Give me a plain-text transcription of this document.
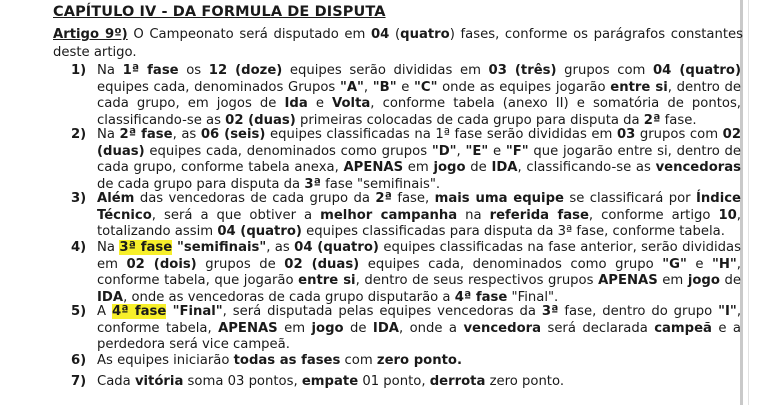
CAPÍTULO IV - DA FORMULA DE DISPUTA
Artigo 9º) O Campeonato será disputado em 04 (quatro) fases, conforme os parágrafos constantes deste artigo.
1) Na 1ª fase os 12 (doze) equipes serão divididas em 03 (três) grupos com 04 (quatro) equipes cada, denominados Grupos "A", "B" e "C" onde as equipes jogarão entre si, dentro de cada grupo, em jogos de Ida e Volta, conforme tabela (anexo II) e somatória de pontos, classificando-se as 02 (duas) primeiras colocadas de cada grupo para disputa da 2ª fase.
2) Na 2ª fase, as 06 (seis) equipes classificadas na 1ª fase serão divididas em 03 grupos com 02 (duas) equipes cada, denominados como grupos "D", "E" e "F" que jogarão entre si, dentro de cada grupo, conforme tabela anexa, APENAS em jogo de IDA, classificando-se as vencedoras de cada grupo para disputa da 3ª fase "semifinais".
3) Além das vencedoras de cada grupo da 2ª fase, mais uma equipe se classificará por Índice Técnico, será a que obtiver a melhor campanha na referida fase, conforme artigo 10, totalizando assim 04 (quatro) equipes classificadas para disputa da 3ª fase, conforme tabela.
4) Na 3ª fase "semifinais", as 04 (quatro) equipes classificadas na fase anterior, serão divididas em 02 (dois) grupos de 02 (duas) equipes cada, denominados como grupo "G" e "H", conforme tabela, que jogarão entre si, dentro de seus respectivos grupos APENAS em jogo de IDA, onde as vencedoras de cada grupo disputarão a 4ª fase "Final".
5) A 4ª fase "Final", será disputada pelas equipes vencedoras da 3ª fase, dentro do grupo "I", conforme tabela, APENAS em jogo de IDA, onde a vencedora será declarada campeã e a perdedora será vice campeã.
6) As equipes iniciarão todas as fases com zero ponto.
7) Cada vitória soma 03 pontos, empate 01 ponto, derrota zero ponto.
